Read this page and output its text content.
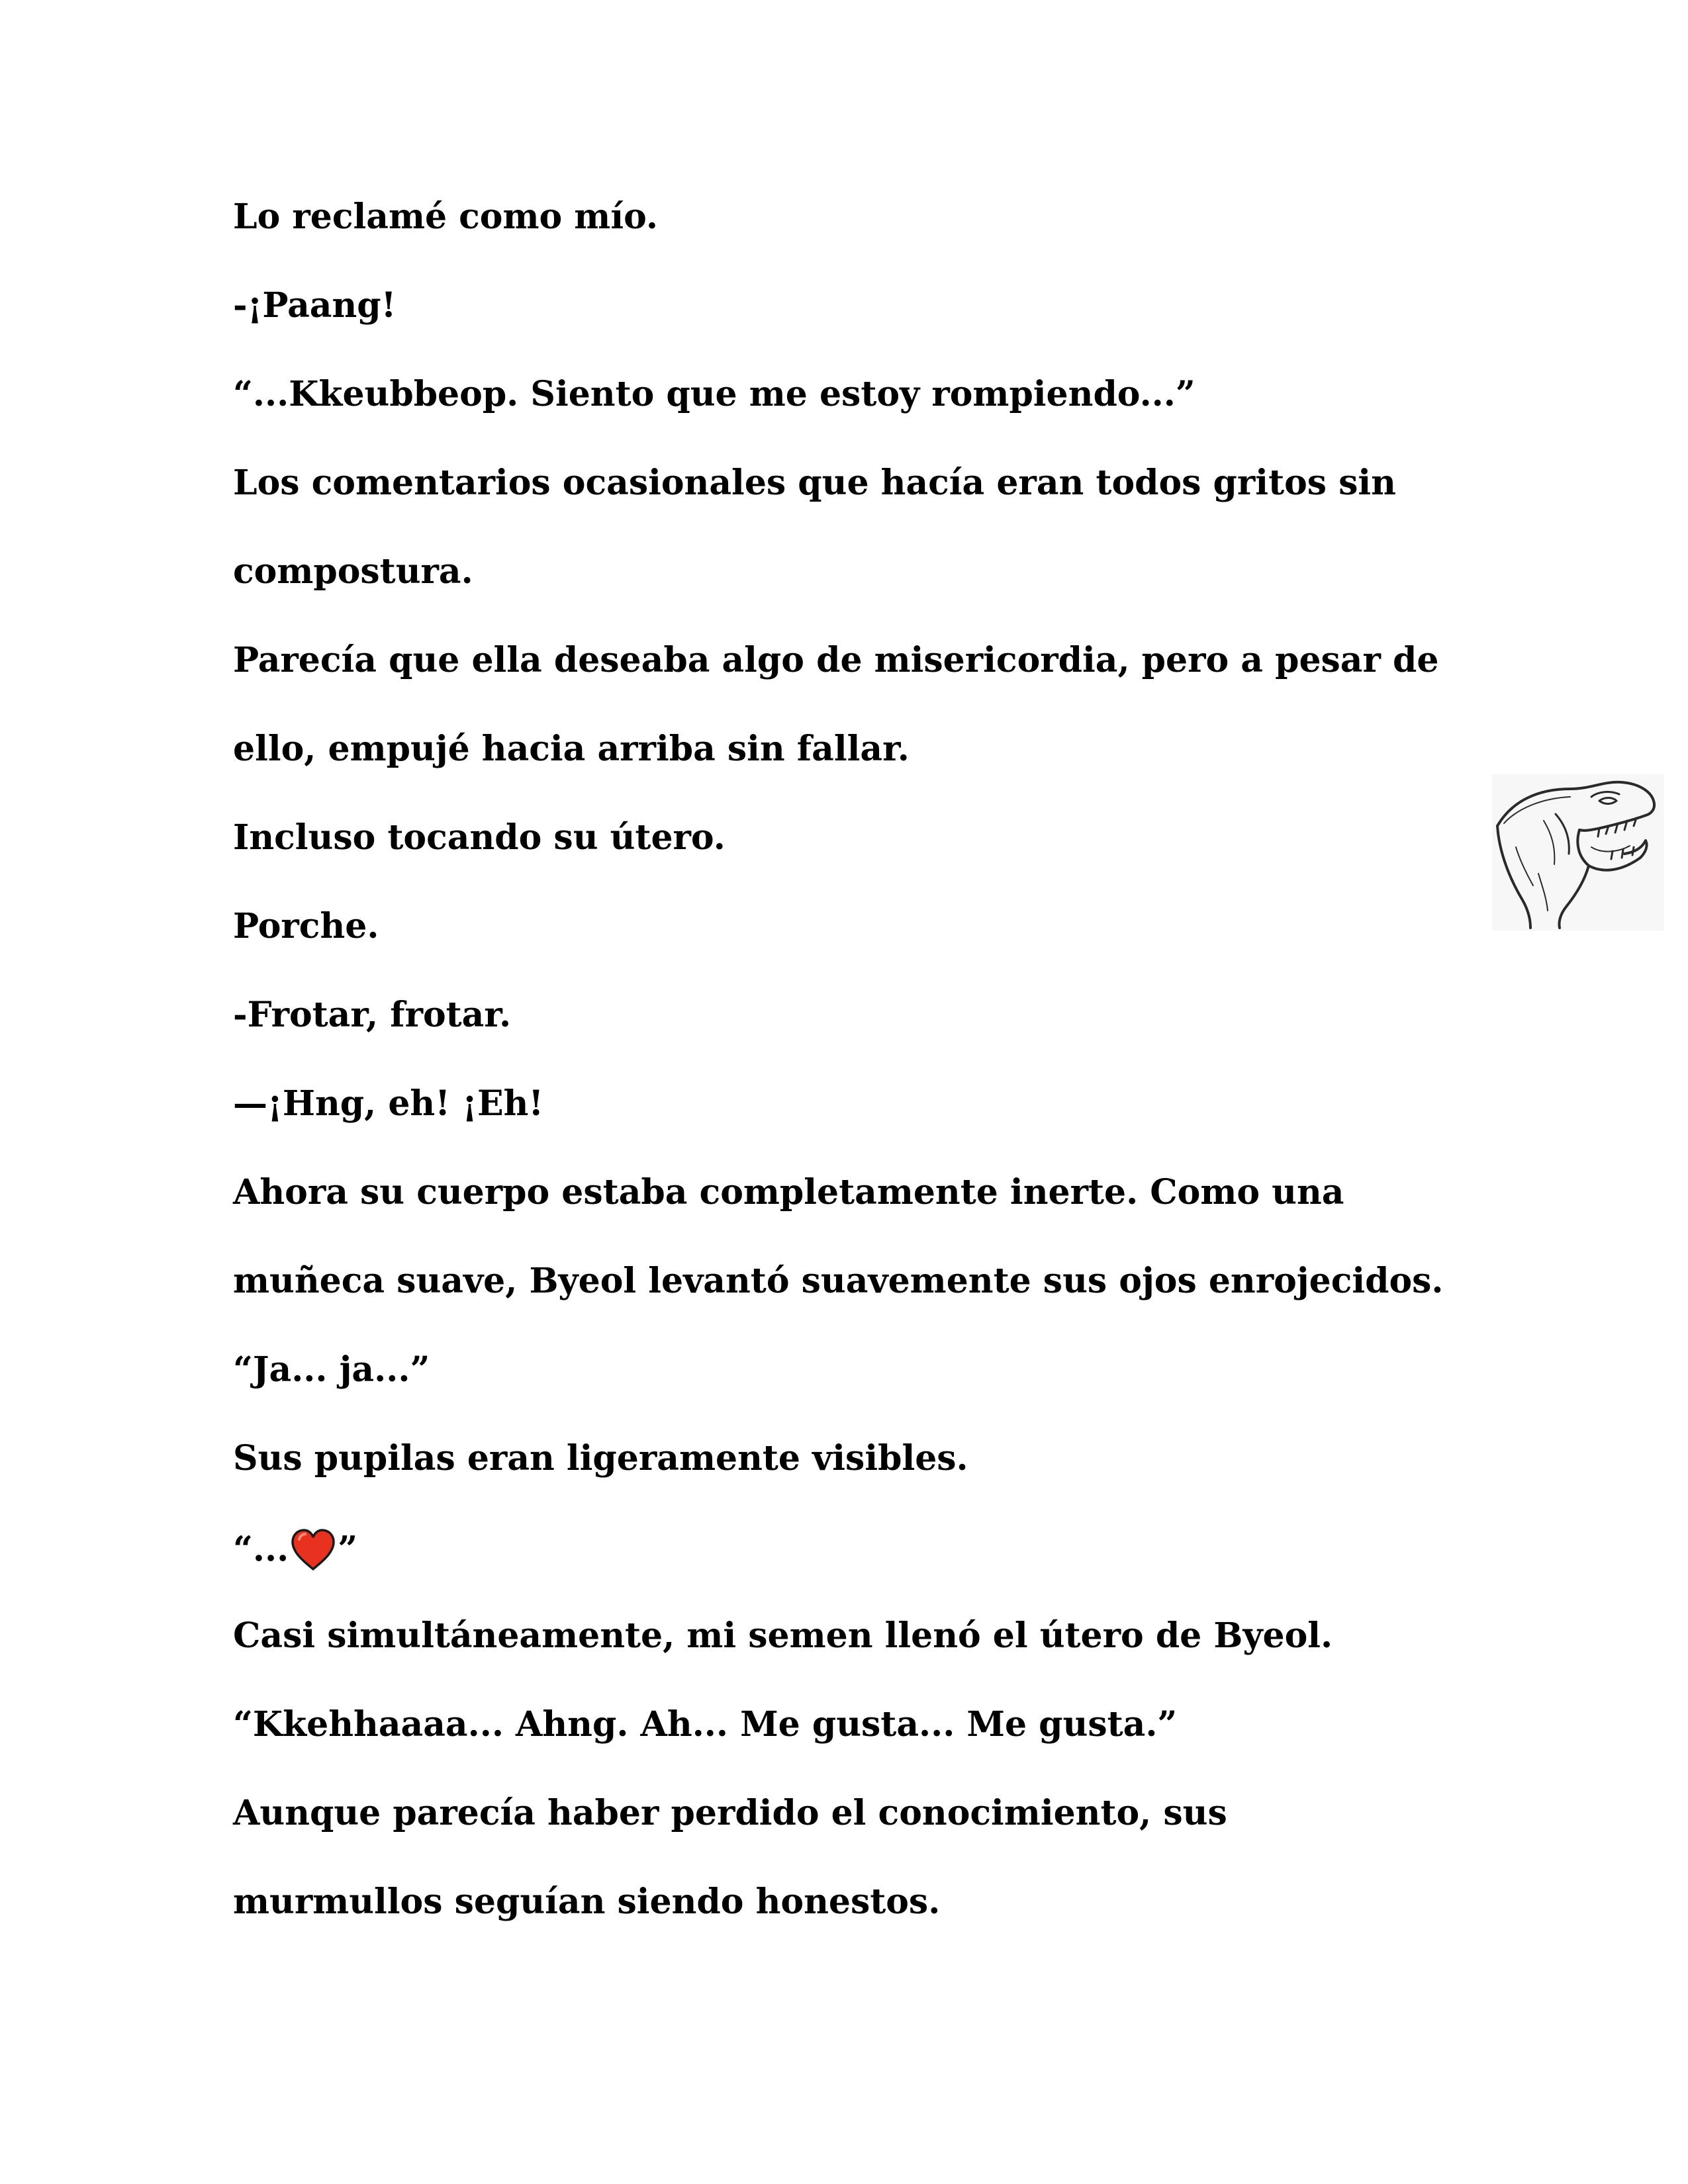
Lo reclamé como mío.

-¡Paang!

“...Kkeubbeop. Siento que me estoy rompiendo...”

Los comentarios ocasionales que hacía eran todos gritos sin

compostura.

Parecía que ella deseaba algo de misericordia, pero a pesar de

ello, empujé hacia arriba sin fallar.

Incluso tocando su útero.

Porche.

-Frotar, frotar.

—¡Hng, eh! ¡Eh!

Ahora su cuerpo estaba completamente inerte. Como una

muñeca suave, Byeol levantó suavemente sus ojos enrojecidos.

“Ja... ja...”

Sus pupilas eran ligeramente visibles.

“... ”

Casi simultáneamente, mi semen llenó el útero de Byeol.

“Kkehhaaaa... Ahng. Ah... Me gusta... Me gusta.”

Aunque parecía haber perdido el conocimiento, sus

murmullos seguían siendo honestos.
